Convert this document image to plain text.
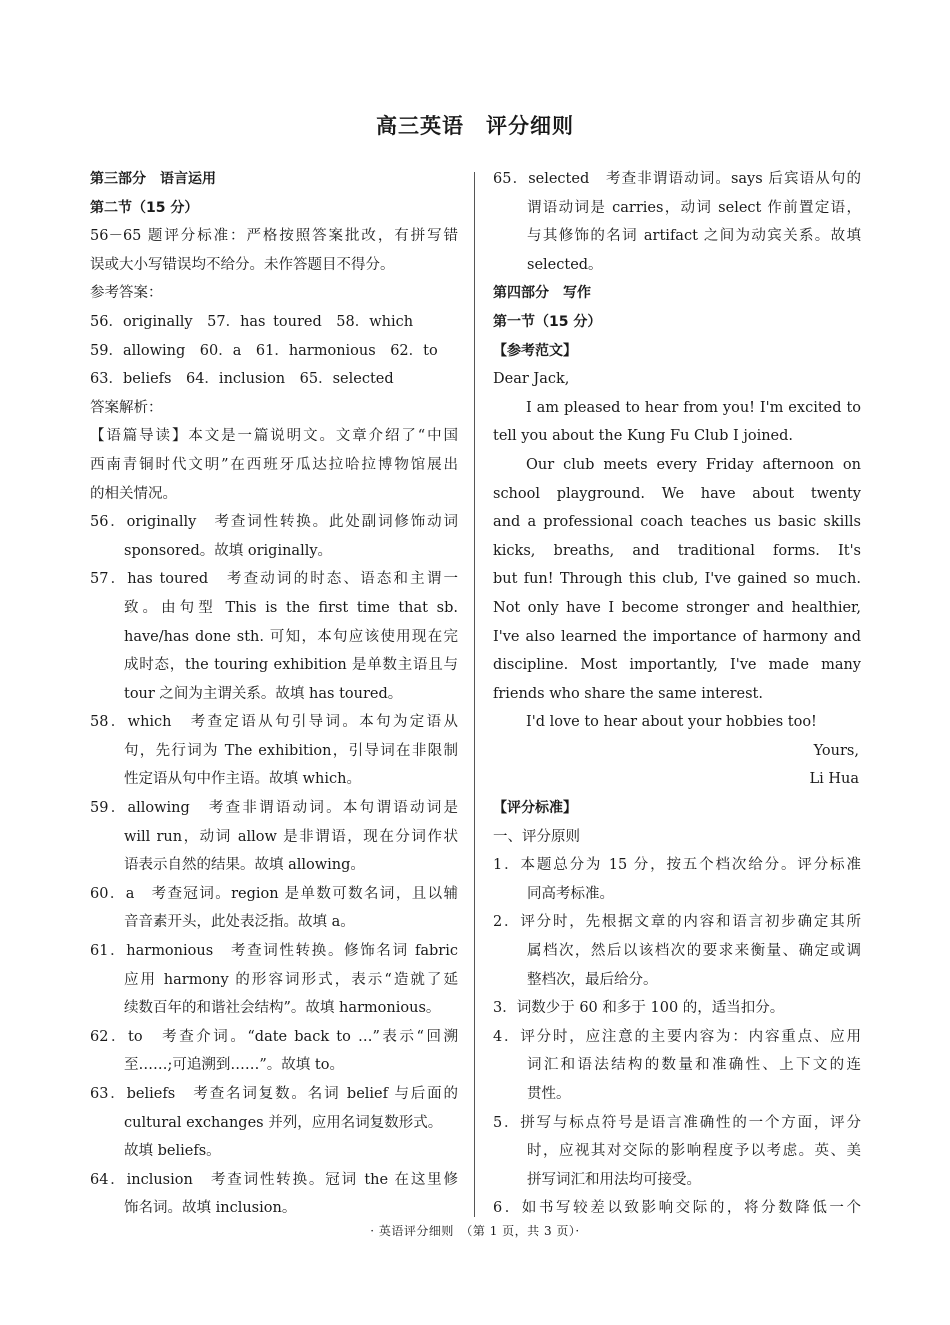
高三英语　评分细则
第三部分　语言运用
第二节（15 分）
56－65 题评分标准：严格按照答案批改，有拼写错
误或大小写错误均不给分。未作答题目不得分。
参考答案：
56．originally　57．has toured　58．which
59．allowing　60．a　61．harmonious　62．to
63．beliefs　64．inclusion　65．selected
答案解析：
【语篇导读】本文是一篇说明文。文章介绍了“中国
西南青铜时代文明”在西班牙瓜达拉哈拉博物馆展出
的相关情况。
56．originally　考查词性转换。此处副词修饰动词
sponsored。故填 originally。
57．has toured　考查动词的时态、语态和主谓一
致。由句型 This is the first time that sb.
have/has done sth. 可知，本句应该使用现在完
成时态，the touring exhibition 是单数主语且与
tour 之间为主谓关系。故填 has toured。
58．which　考查定语从句引导词。本句为定语从
句，先行词为 The exhibition，引导词在非限制
性定语从句中作主语。故填 which。
59．allowing　考查非谓语动词。本句谓语动词是
will run，动词 allow 是非谓语，现在分词作状
语表示自然的结果。故填 allowing。
60．a　考查冠词。region 是单数可数名词，且以辅
音音素开头，此处表泛指。故填 a。
61．harmonious　考查词性转换。修饰名词 fabric
应用 harmony 的形容词形式，表示“造就了延
续数百年的和谐社会结构”。故填 harmonious。
62．to　考查介词。“date back to …”表示“回溯
至……;可追溯到……”。故填 to。
63．beliefs　考查名词复数。名词 belief 与后面的
cultural exchanges 并列，应用名词复数形式。
故填 beliefs。
64．inclusion　考查词性转换。冠词 the 在这里修
饰名词。故填 inclusion。
65．selected　考查非谓语动词。says 后宾语从句的
谓语动词是 carries，动词 select 作前置定语，
与其修饰的名词 artifact 之间为动宾关系。故填
selected。
第四部分　写作
第一节（15 分）
【参考范文】
Dear Jack,
I am pleased to hear from you! I'm excited to
tell you about the Kung Fu Club I joined.
Our club meets every Friday afternoon on
school playground. We have about twenty
and a professional coach teaches us basic skills
kicks, breaths, and traditional forms. It's
but fun! Through this club, I've gained so much.
Not only have I become stronger and healthier,
I've also learned the importance of harmony and
discipline. Most importantly, I've made many
friends who share the same interest.
I'd love to hear about your hobbies too!
Yours,
Li Hua
【评分标准】
一、评分原则
1．本题总分为 15 分，按五个档次给分。评分标准
同高考标准。
2．评分时，先根据文章的内容和语言初步确定其所
属档次，然后以该档次的要求来衡量、确定或调
整档次，最后给分。
3．词数少于 60 和多于 100 的，适当扣分。
4．评分时，应注意的主要内容为：内容重点、应用
词汇和语法结构的数量和准确性、上下文的连
贯性。
5．拼写与标点符号是语言准确性的一个方面，评分
时，应视其对交际的影响程度予以考虑。英、美
拼写词汇和用法均可接受。
6．如书写较差以致影响交际的，将分数降低一个
· 英语评分细则　（第 1 页，共 3 页）·
